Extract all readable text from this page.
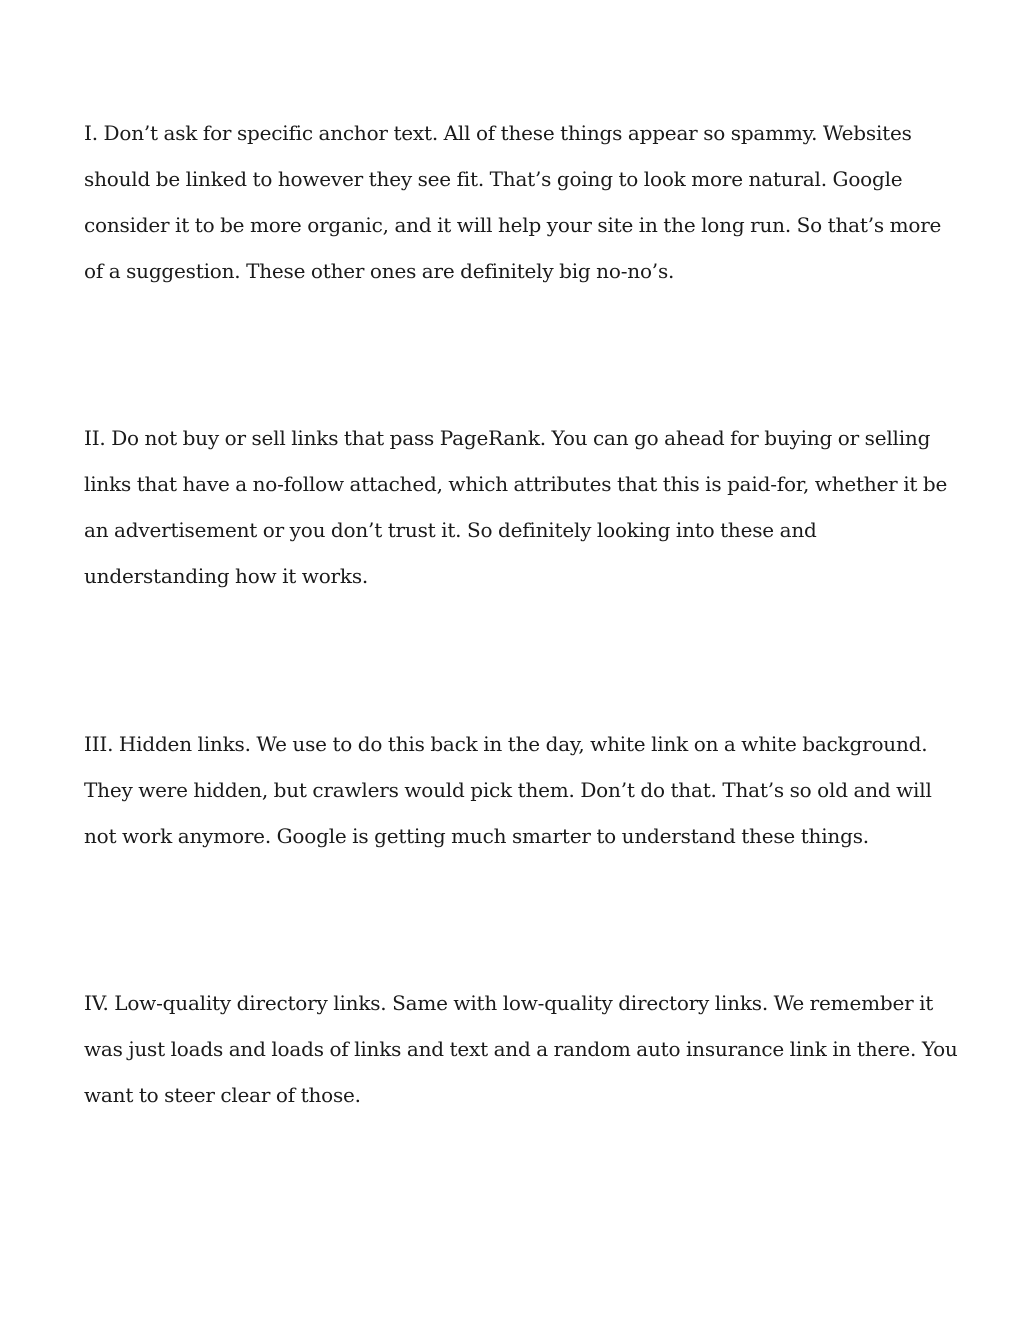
I. Don’t ask for specific anchor text. All of these things appear so spammy. Websites should be linked to however they see fit. That’s going to look more natural. Google consider it to be more organic, and it will help your site in the long run. So that’s more of a suggestion. These other ones are definitely big no-no’s.

II. Do not buy or sell links that pass PageRank. You can go ahead for buying or selling links that have a no-follow attached, which attributes that this is paid-for, whether it be an advertisement or you don’t trust it. So definitely looking into these and understanding how it works.

III. Hidden links. We use to do this back in the day, white link on a white background. They were hidden, but crawlers would pick them. Don’t do that. That’s so old and will not work anymore. Google is getting much smarter to understand these things.

IV. Low-quality directory links. Same with low-quality directory links. We remember it was just loads and loads of links and text and a random auto insurance link in there. You want to steer clear of those.
